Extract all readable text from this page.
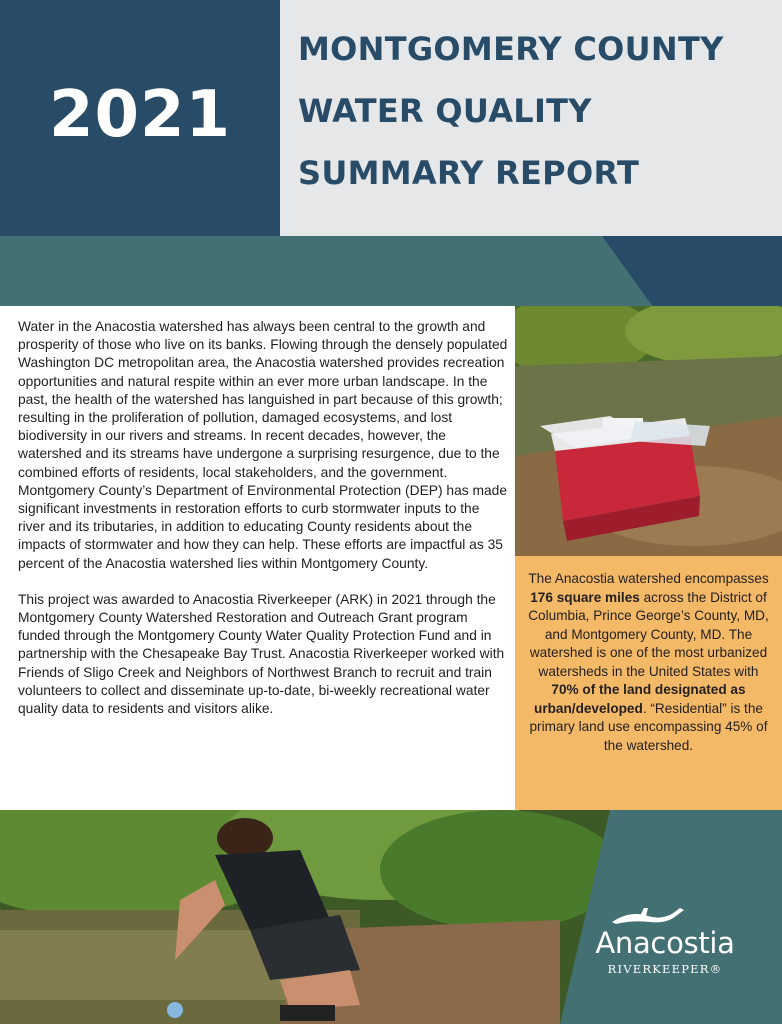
2021
MONTGOMERY COUNTY
WATER QUALITY
SUMMARY REPORT

Water in the Anacostia watershed has always been central to the growth and prosperity of those who live on its banks. Flowing through the densely populated Washington DC metropolitan area, the Anacostia watershed provides recreation opportunities and natural respite within an ever more urban landscape. In the past, the health of the watershed has languished in part because of this growth; resulting in the proliferation of pollution, damaged ecosystems, and lost biodiversity in our rivers and streams. In recent decades, however, the watershed and its streams have undergone a surprising resurgence, due to the combined efforts of residents, local stakeholders, and the government. Montgomery County’s Department of Environmental Protection (DEP) has made significant investments in restoration efforts to curb stormwater inputs to the river and its tributaries, in addition to educating County residents about the impacts of stormwater and how they can help. These efforts are impactful as 35 percent of the Anacostia watershed lies within Montgomery County.

This project was awarded to Anacostia Riverkeeper (ARK) in 2021 through the Montgomery County Watershed Restoration and Outreach Grant program funded through the Montgomery County Water Quality Protection Fund and in partnership with the Chesapeake Bay Trust. Anacostia Riverkeeper worked with Friends of Sligo Creek and Neighbors of Northwest Branch to recruit and train volunteers to collect and disseminate up-to-date, bi-weekly recreational water quality data to residents and visitors alike.

The Anacostia watershed encompasses 176 square miles across the District of Columbia, Prince George’s County, MD, and Montgomery County, MD. The watershed is one of the most urbanized watersheds in the United States with 70% of the land designated as urban/developed. “Residential” is the primary land use encompassing 45% of the watershed.
Anacostia
RIVERKEEPER®
